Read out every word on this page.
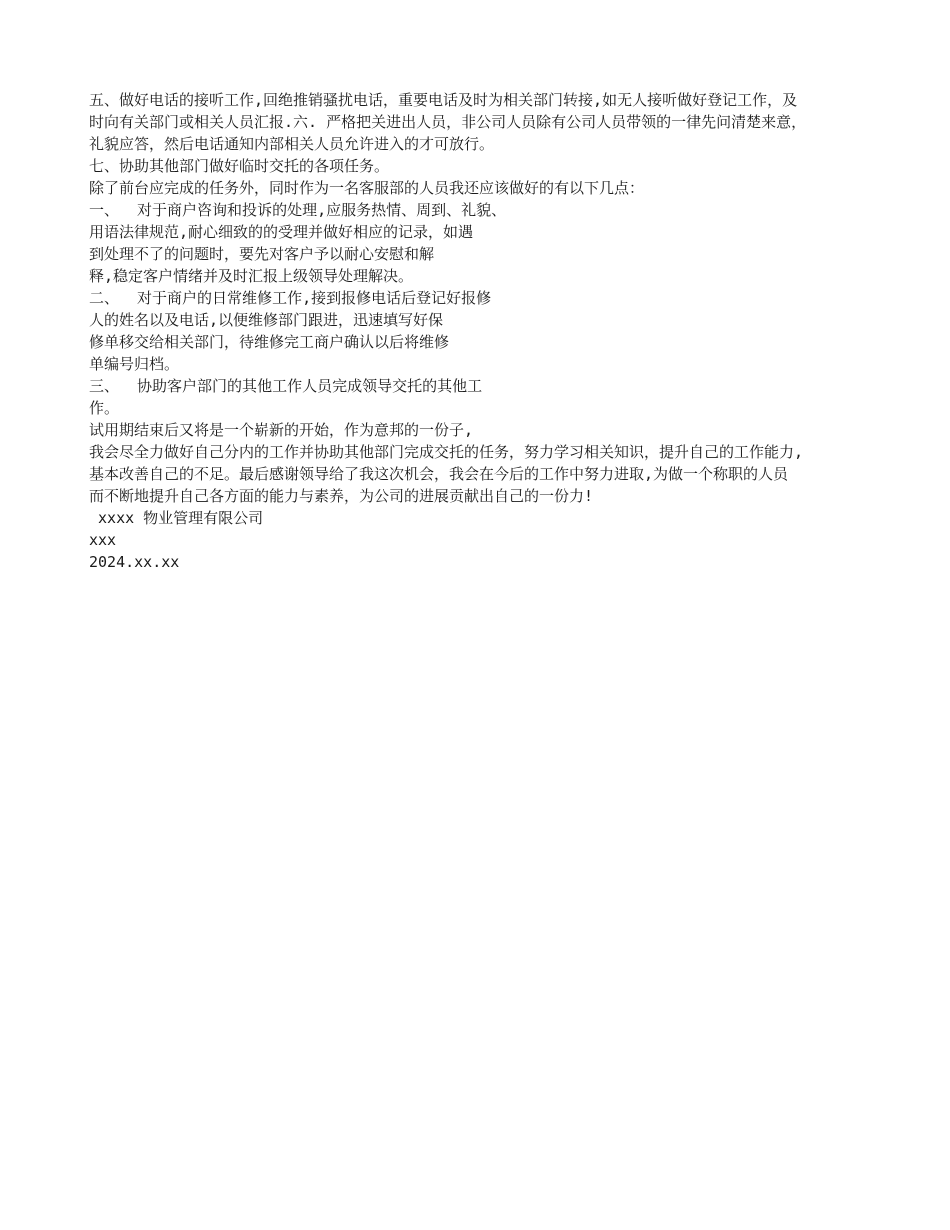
五、做好电话的接听工作,回绝推销骚扰电话，重要电话及时为相关部门转接,如无人接听做好登记工作，及
时向有关部门或相关人员汇报.六. 严格把关进出人员，非公司人员除有公司人员带领的一律先问清楚来意，
礼貌应答，然后电话通知内部相关人员允许进入的才可放行。
七、协助其他部门做好临时交托的各项任务。
除了前台应完成的任务外，同时作为一名客服部的人员我还应该做好的有以下几点：
一、  对于商户咨询和投诉的处理,应服务热情、周到、礼貌、
用语法律规范,耐心细致的的受理并做好相应的记录，如遇
到处理不了的问题时，要先对客户予以耐心安慰和解
释,稳定客户情绪并及时汇报上级领导处理解决。
二、  对于商户的日常维修工作,接到报修电话后登记好报修
人的姓名以及电话,以便维修部门跟进，迅速填写好保
修单移交给相关部门，待维修完工商户确认以后将维修
单编号归档。
三、  协助客户部门的其他工作人员完成领导交托的其他工
作。
试用期结束后又将是一个崭新的开始，作为意邦的一份子,
我会尽全力做好自己分内的工作并协助其他部门完成交托的任务，努力学习相关知识，提升自己的工作能力,
基本改善自己的不足。最后感谢领导给了我这次机会，我会在今后的工作中努力进取,为做一个称职的人员
而不断地提升自己各方面的能力与素养，为公司的进展贡献出自己的一份力!
xxxx 物业管理有限公司
xxx
2024.xx.xx
